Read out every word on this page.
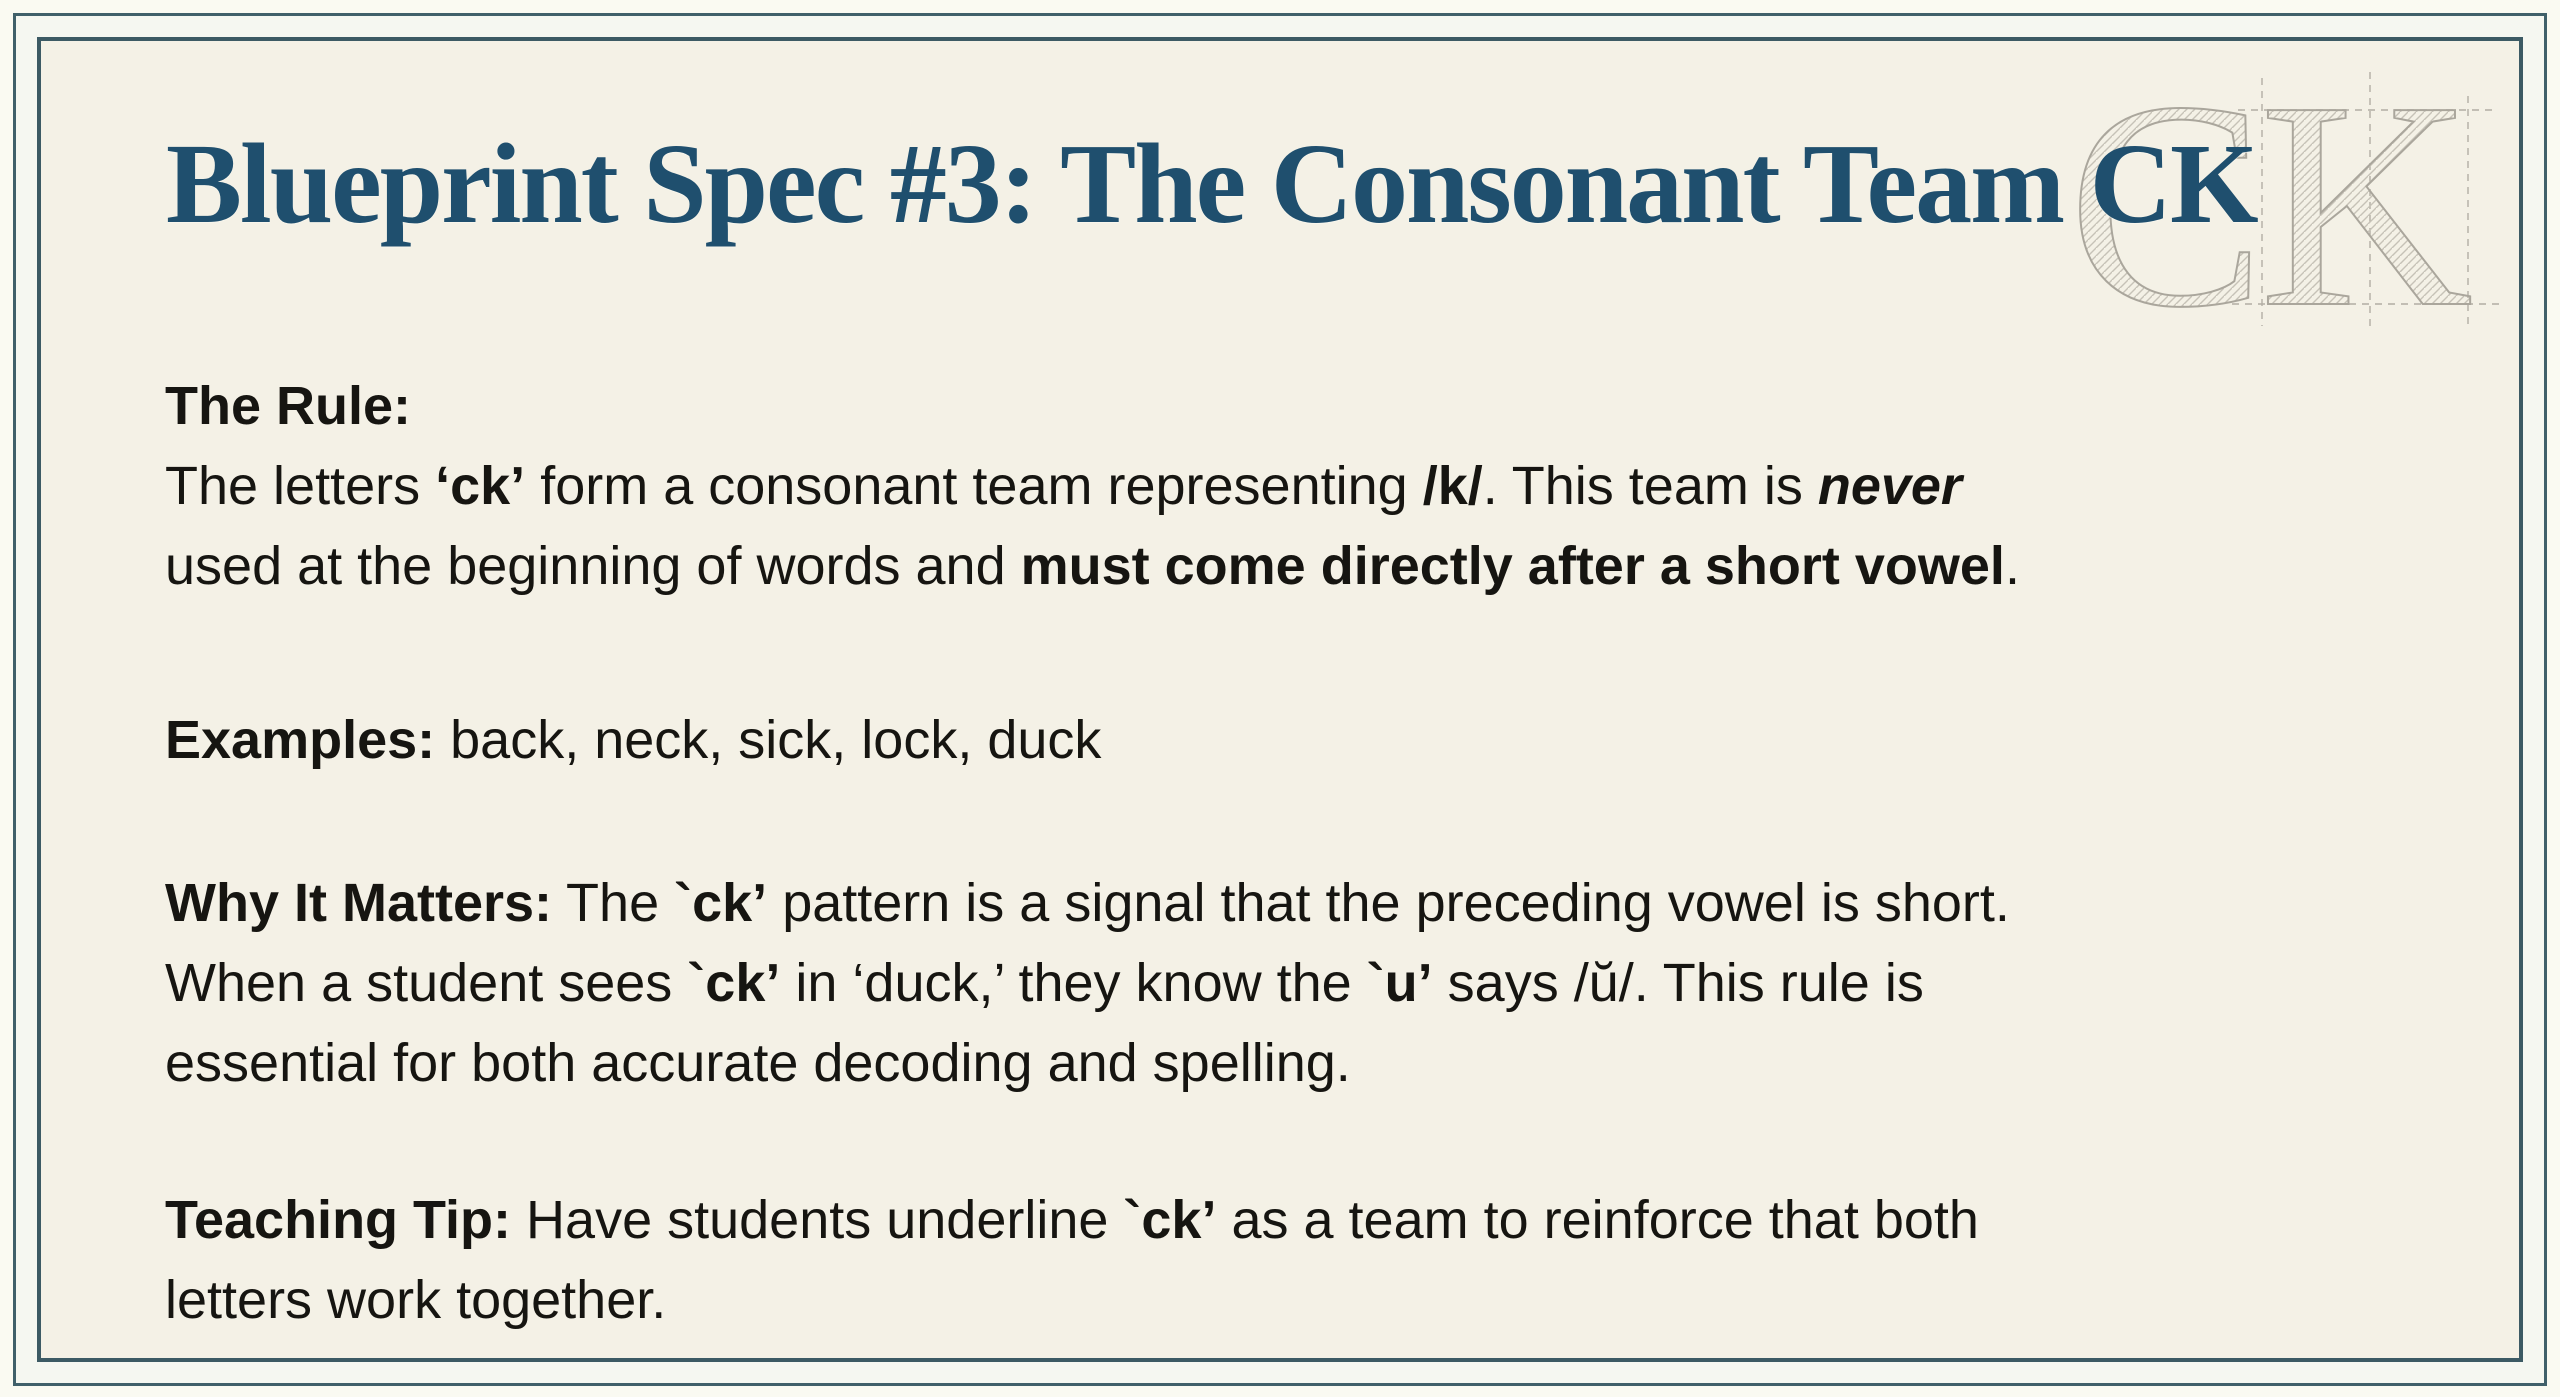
CK
Blueprint Spec #3: The Consonant Team CK
The Rule:
The letters ‘ck’ form a consonant team representing /k/. This team is never
used at the beginning of words and must come directly after a short vowel.
Examples: back, neck, sick, lock, duck
Why It Matters: The `ck’ pattern is a signal that the preceding vowel is short.
When a student sees `ck’ in ‘duck,’ they know the `u’ says /ŭ/. This rule is
essential for both accurate decoding and spelling.
Teaching Tip: Have students underline `ck’ as a team to reinforce that both
letters work together.
